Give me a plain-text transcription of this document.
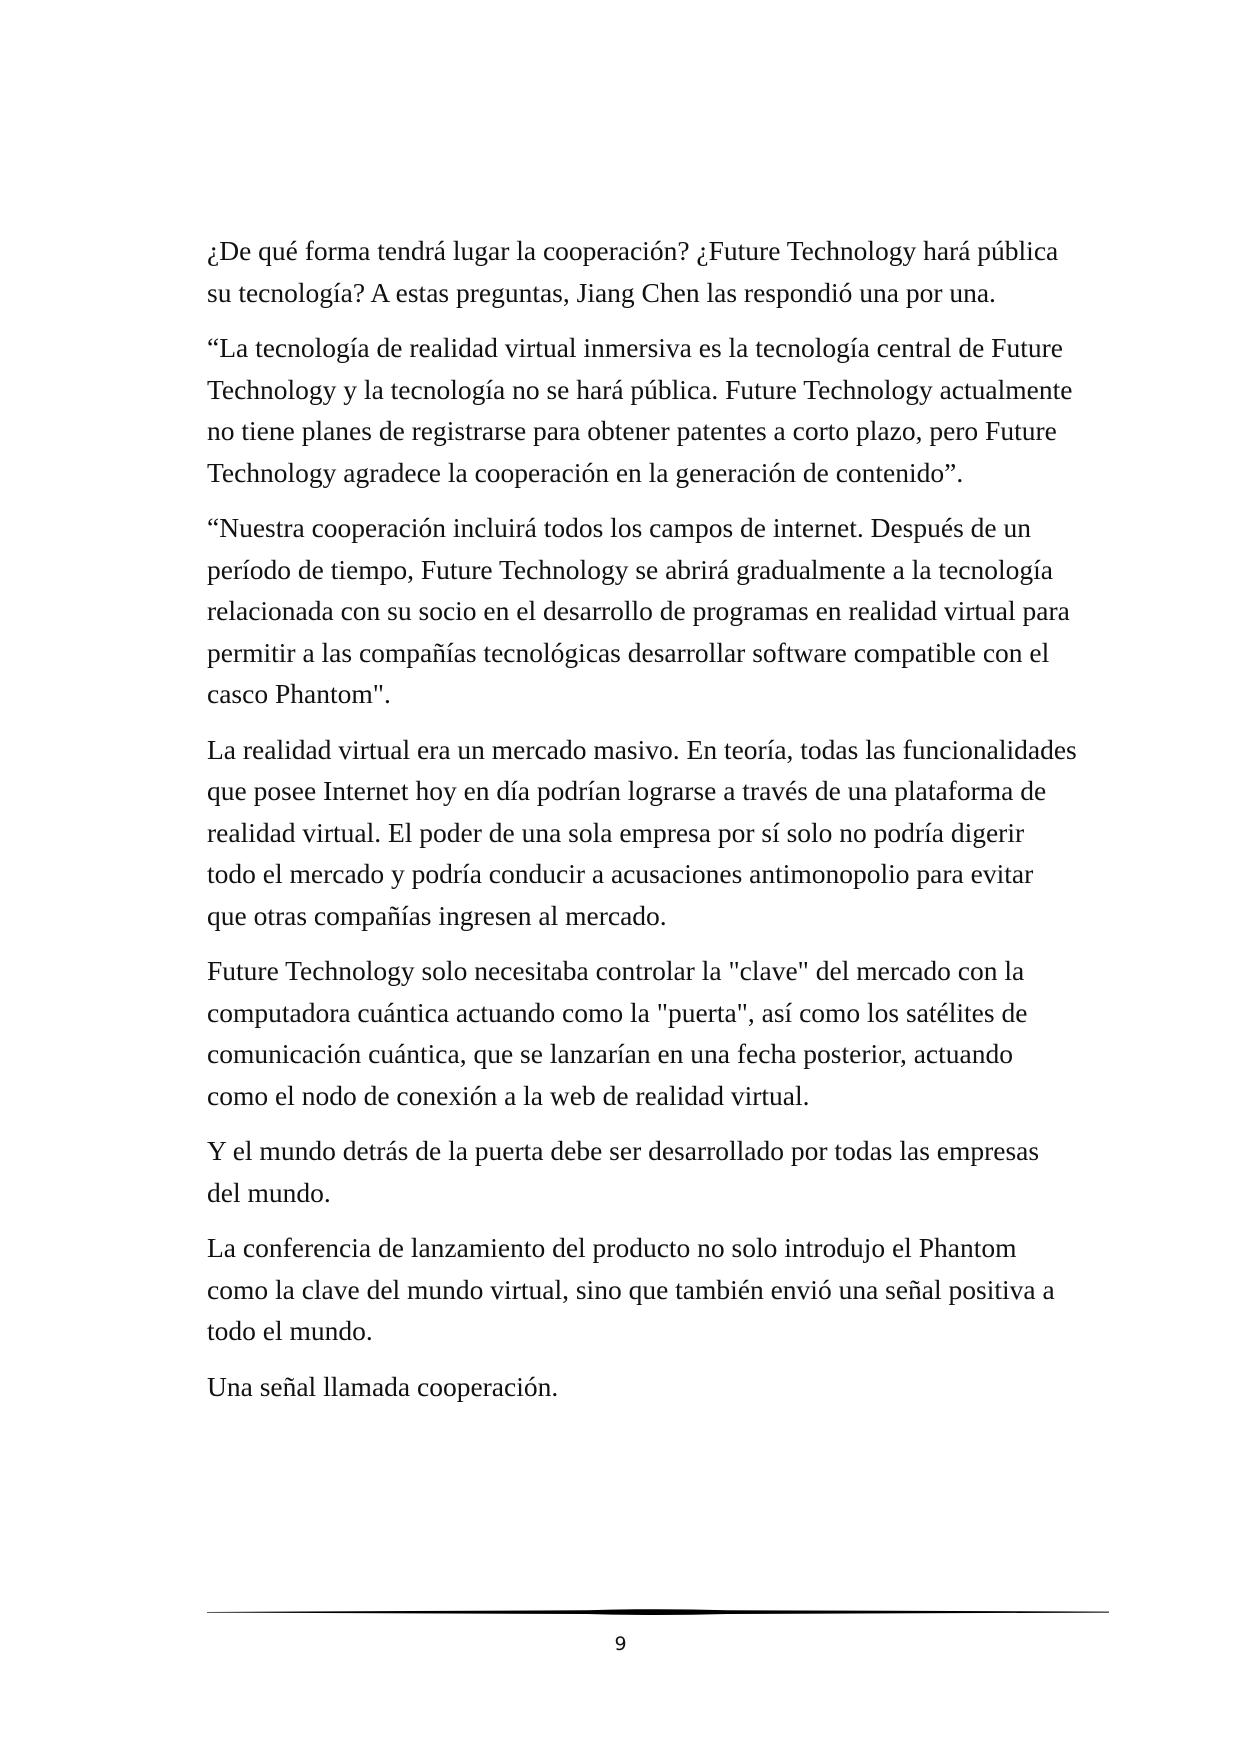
¿De qué forma tendrá lugar la cooperación? ¿Future Technology hará pública su tecnología? A estas preguntas, Jiang Chen las respondió una por una.

“La tecnología de realidad virtual inmersiva es la tecnología central de Future Technology y la tecnología no se hará pública. Future Technology actualmente no tiene planes de registrarse para obtener patentes a corto plazo, pero Future Technology agradece la cooperación en la generación de contenido”.

“Nuestra cooperación incluirá todos los campos de internet. Después de un período de tiempo, Future Technology se abrirá gradualmente a la tecnología relacionada con su socio en el desarrollo de programas en realidad virtual para permitir a las compañías tecnológicas desarrollar software compatible con el casco Phantom".

La realidad virtual era un mercado masivo. En teoría, todas las funcionalidades que posee Internet hoy en día podrían lograrse a través de una plataforma de realidad virtual. El poder de una sola empresa por sí solo no podría digerir todo el mercado y podría conducir a acusaciones antimonopolio para evitar que otras compañías ingresen al mercado.

Future Technology solo necesitaba controlar la "clave" del mercado con la computadora cuántica actuando como la "puerta", así como los satélites de comunicación cuántica, que se lanzarían en una fecha posterior, actuando como el nodo de conexión a la web de realidad virtual.

Y el mundo detrás de la puerta debe ser desarrollado por todas las empresas del mundo.

La conferencia de lanzamiento del producto no solo introdujo el Phantom como la clave del mundo virtual, sino que también envió una señal positiva a todo el mundo.

Una señal llamada cooperación.

9
